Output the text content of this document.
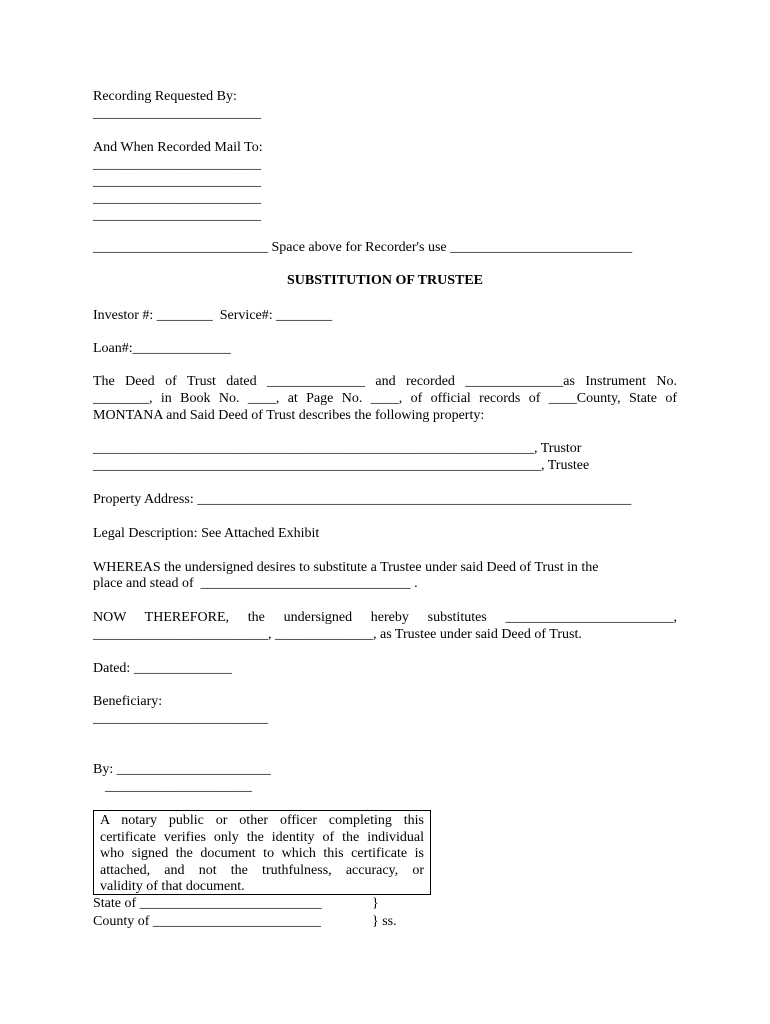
Recording Requested By:
________________________
And When Recorded Mail To:
________________________
________________________
________________________
________________________
_________________________ Space above for Recorder's use __________________________
SUBSTITUTION OF TRUSTEE
Investor #: ________  Service#: ________
Loan#:______________
The Deed of Trust dated ______________ and recorded ______________as Instrument No.
________, in Book No. ____, at Page No. ____, of official records of ____County, State of
MONTANA and Said Deed of Trust describes the following property:
_______________________________________________________________, Trustor
________________________________________________________________, Trustee
Property Address: ______________________________________________________________
Legal Description: See Attached Exhibit
WHEREAS the undersigned desires to substitute a Trustee under said Deed of Trust in the
place and stead of  ______________________________ .
NOW THEREFORE, the undersigned hereby substitutes ________________________,
_________________________, ______________, as Trustee under said Deed of Trust.
Dated: ______________
Beneficiary:
_________________________
By: ______________________
_____________________
A notary public or other officer completing this
certificate verifies only the identity of the individual
who signed the document to which this certificate is
attached, and not the truthfulness, accuracy, or
validity of that document.
State of __________________________	}
County of ________________________	} ss.
